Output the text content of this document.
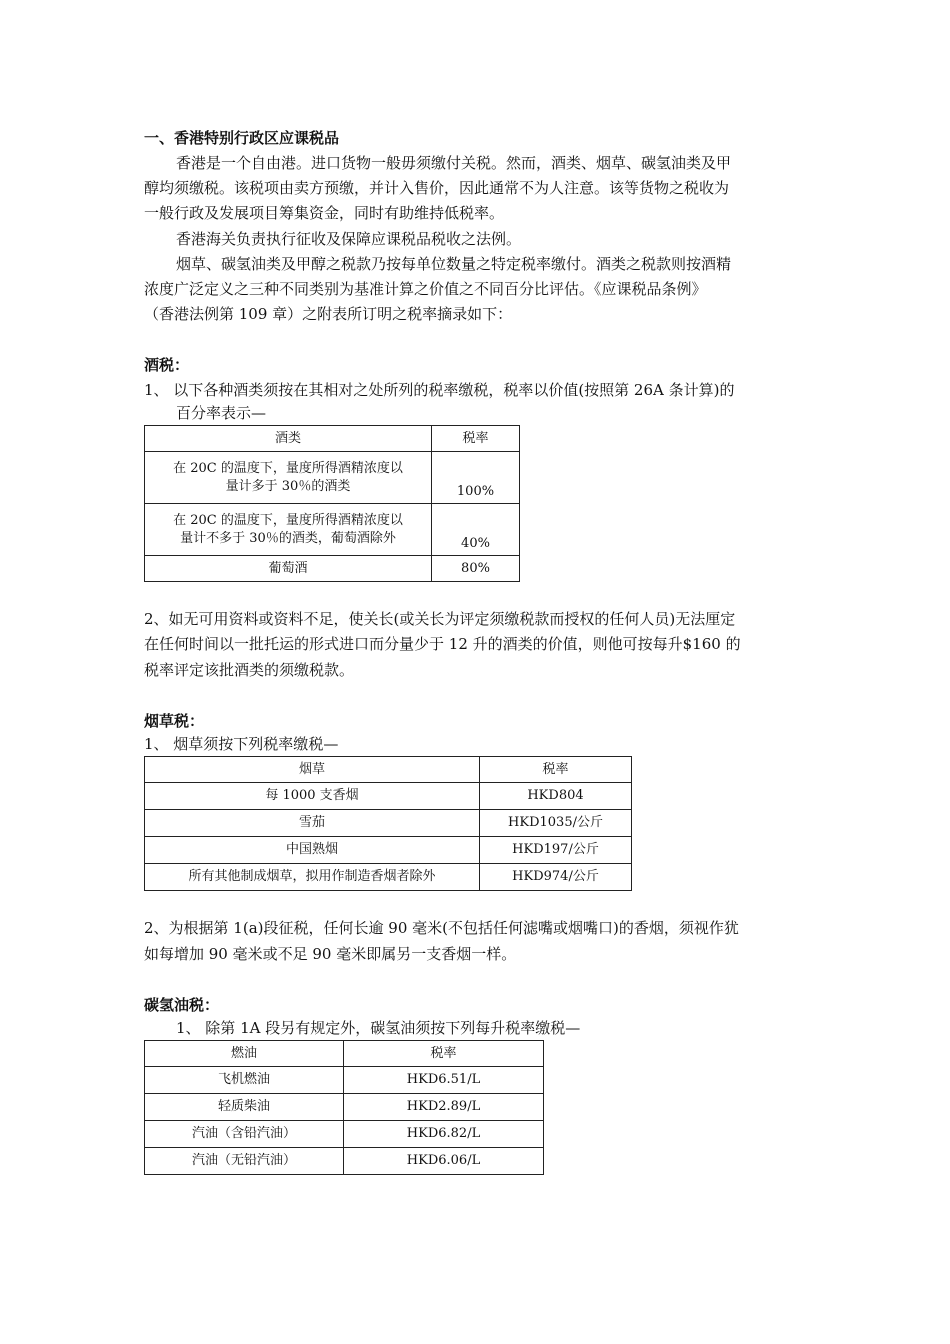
一、香港特别行政区应课税品
香港是一个自由港。进口货物一般毋须缴付关税。然而，酒类、烟草、碳氢油类及甲
醇均须缴税。该税项由卖方预缴，并计入售价，因此通常不为人注意。该等货物之税收为
一般行政及发展项目筹集资金，同时有助维持低税率。
香港海关负责执行征收及保障应课税品税收之法例。
烟草、碳氢油类及甲醇之税款乃按每单位数量之特定税率缴付。酒类之税款则按酒精
浓度广泛定义之三种不同类别为基准计算之价值之不同百分比评估。《应课税品条例》
（香港法例第 109 章）之附表所订明之税率摘录如下：
酒税：
1、 以下各种酒类须按在其相对之处所列的税率缴税，税率以价值(按照第 26A 条计算)的
百分率表示—
酒类	税率
在 20C 的温度下，量度所得酒精浓度以
量计多于 30％的酒类	100%
在 20C 的温度下，量度所得酒精浓度以
量计不多于 30％的酒类，葡萄酒除外	40%
葡萄酒	80%
2、如无可用资料或资料不足，使关长(或关长为评定须缴税款而授权的任何人员)无法厘定
在任何时间以一批托运的形式进口而分量少于 12 升的酒类的价值，则他可按每升$160 的
税率评定该批酒类的须缴税款。
烟草税：
1、 烟草须按下列税率缴税—
烟草	税率
每 1000 支香烟	HKD804
雪茄	HKD1035/公斤
中国熟烟	HKD197/公斤
所有其他制成烟草，拟用作制造香烟者除外	HKD974/公斤
2、为根据第 1(a)段征税，任何长逾 90 毫米(不包括任何滤嘴或烟嘴口)的香烟，须视作犹
如每增加 90 毫米或不足 90 毫米即属另一支香烟一样。
碳氢油税：
1、 除第 1A 段另有规定外，碳氢油须按下列每升税率缴税—
燃油	税率
飞机燃油	HKD6.51/L
轻质柴油	HKD2.89/L
汽油（含铅汽油）	HKD6.82/L
汽油（无铅汽油）	HKD6.06/L
